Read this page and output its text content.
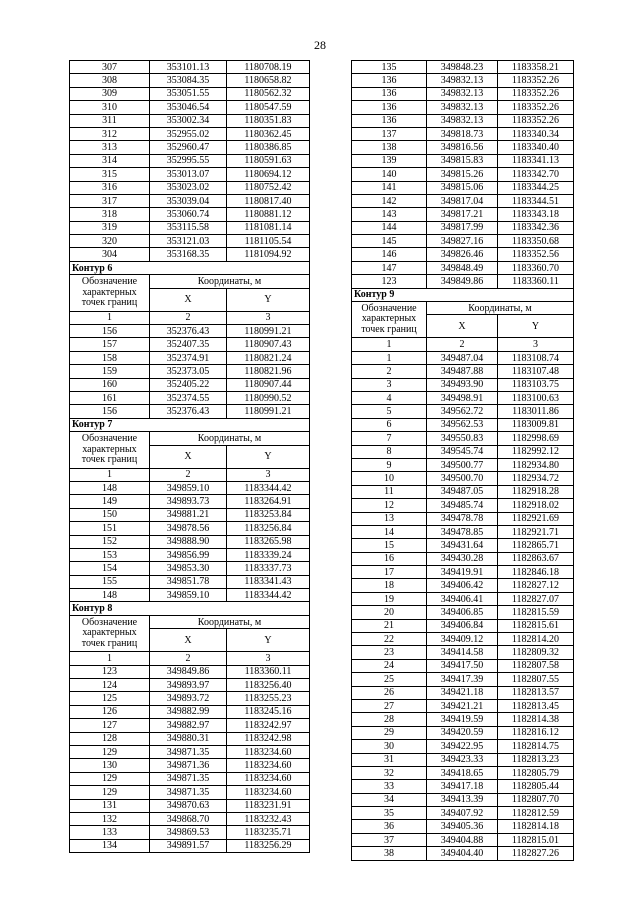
28
307	353101.13	1180708.19
308	353084.35	1180658.82
309	353051.55	1180562.32
310	353046.54	1180547.59
311	353002.34	1180351.83
312	352955.02	1180362.45
313	352960.47	1180386.85
314	352995.55	1180591.63
315	353013.07	1180694.12
316	353023.02	1180752.42
317	353039.04	1180817.40
318	353060.74	1180881.12
319	353115.58	1181081.14
320	353121.03	1181105.54
304	353168.35	1181094.92
Контур 6		
Обозначение характерных точек границ	Координаты, м	
	X	Y
1	2	3
156	352376.43	1180991.21
157	352407.35	1180907.43
158	352374.91	1180821.24
159	352373.05	1180821.96
160	352405.22	1180907.44
161	352374.55	1180990.52
156	352376.43	1180991.21
Контур 7		
Обозначение характерных точек границ	Координаты, м	
	X	Y
1	2	3
148	349859.10	1183344.42
149	349893.73	1183264.91
150	349881.21	1183253.84
151	349878.56	1183256.84
152	349888.90	1183265.98
153	349856.99	1183339.24
154	349853.30	1183337.73
155	349851.78	1183341.43
148	349859.10	1183344.42
Контур 8		
Обозначение характерных точек границ	Координаты, м	
	X	Y
1	2	3
123	349849.86	1183360.11
124	349893.97	1183256.40
125	349893.72	1183255.23
126	349882.99	1183245.16
127	349882.97	1183242.97
128	349880.31	1183242.98
129	349871.35	1183234.60
130	349871.36	1183234.60
129	349871.35	1183234.60
129	349871.35	1183234.60
131	349870.63	1183231.91
132	349868.70	1183232.43
133	349869.53	1183235.71
134	349891.57	1183256.29
135	349848.23	1183358.21
136	349832.13	1183352.26
136	349832.13	1183352.26
136	349832.13	1183352.26
136	349832.13	1183352.26
137	349818.73	1183340.34
138	349816.56	1183340.40
139	349815.83	1183341.13
140	349815.26	1183342.70
141	349815.06	1183344.25
142	349817.04	1183344.51
143	349817.21	1183343.18
144	349817.99	1183342.36
145	349827.16	1183350.68
146	349826.46	1183352.56
147	349848.49	1183360.70
123	349849.86	1183360.11
Контур 9		
Обозначение характерных точек границ	Координаты, м	
	X	Y
1	2	3
1	349487.04	1183108.74
2	349487.88	1183107.48
3	349493.90	1183103.75
4	349498.91	1183100.63
5	349562.72	1183011.86
6	349562.53	1183009.81
7	349550.83	1182998.69
8	349545.74	1182992.12
9	349500.77	1182934.80
10	349500.70	1182934.72
11	349487.05	1182918.28
12	349485.74	1182918.02
13	349478.78	1182921.69
14	349478.85	1182921.71
15	349431.64	1182865.71
16	349430.28	1182863.67
17	349419.91	1182846.18
18	349406.42	1182827.12
19	349406.41	1182827.07
20	349406.85	1182815.59
21	349406.84	1182815.61
22	349409.12	1182814.20
23	349414.58	1182809.32
24	349417.50	1182807.58
25	349417.39	1182807.55
26	349421.18	1182813.57
27	349421.21	1182813.45
28	349419.59	1182814.38
29	349420.59	1182816.12
30	349422.95	1182814.75
31	349423.33	1182813.23
32	349418.65	1182805.79
33	349417.18	1182805.44
34	349413.39	1182807.70
35	349407.92	1182812.59
36	349405.36	1182814.18
37	349404.88	1182815.01
38	349404.40	1182827.26
